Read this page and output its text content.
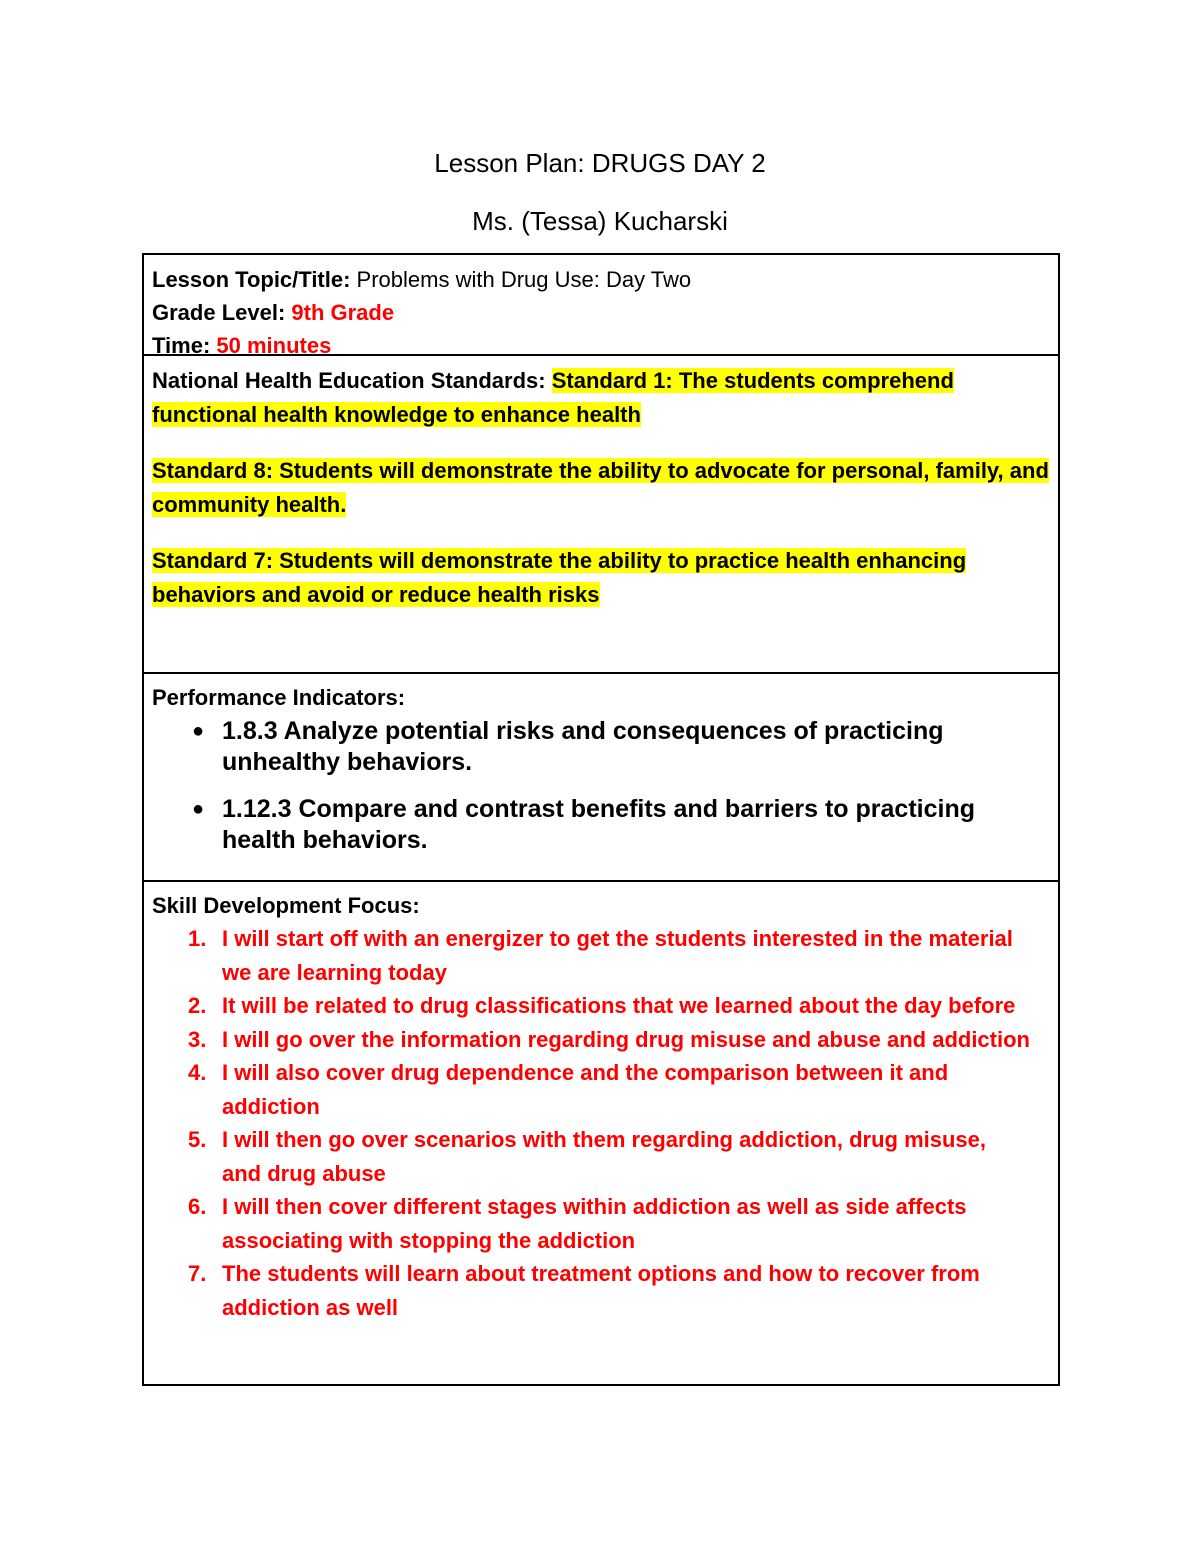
Lesson Plan: DRUGS DAY 2
Ms. (Tessa) Kucharski
Lesson Topic/Title: Problems with Drug Use: Day Two
Grade Level: 9th Grade
Time: 50 minutes
National Health Education Standards: Standard 1: The students comprehend functional health knowledge to enhance health
Standard 8: Students will demonstrate the ability to advocate for personal, family, and community health.
Standard 7: Students will demonstrate the ability to practice health enhancing behaviors and avoid or reduce health risks
Performance Indicators:
● 1.8.3 Analyze potential risks and consequences of practicing unhealthy behaviors.
● 1.12.3 Compare and contrast benefits and barriers to practicing health behaviors.
Skill Development Focus:
1. I will start off with an energizer to get the students interested in the material we are learning today
2. It will be related to drug classifications that we learned about the day before
3. I will go over the information regarding drug misuse and abuse and addiction
4. I will also cover drug dependence and the comparison between it and addiction
5. I will then go over scenarios with them regarding addiction, drug misuse, and drug abuse
6. I will then cover different stages within addiction as well as side affects associating with stopping the addiction
7. The students will learn about treatment options and how to recover from addiction as well
